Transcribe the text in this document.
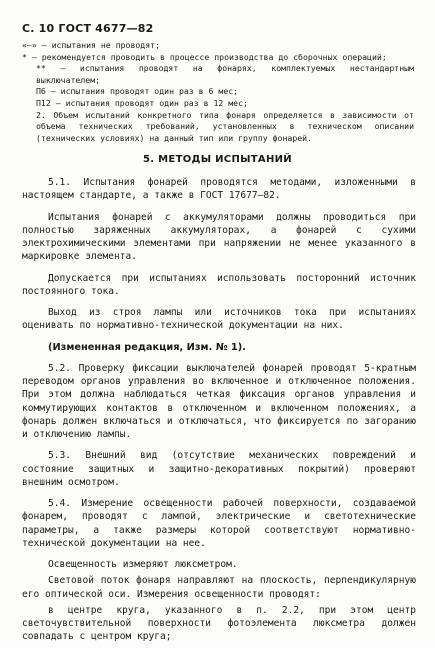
С. 10 ГОСТ 4677—82

«—» — испытания не проводят;

* — рекомендуется проводить в процессе производства до сборочных операций;

** — испытания проводят на фонарях, комплектуемых нестандартным выключателем;

П6 — испытания проводят один раз в 6 мес;

П12 — испытания проводят один раз в 12 мес;

2. Объем испытаний конкретного типа фонаря определяется в зависимости от объема технических требований, установленных в техническом описании (технических условиях) на данный тип или группу фонарей.

5. МЕТОДЫ ИСПЫТАНИЙ

5.1. Испытания фонарей проводятся методами, изложенными в настоящем стандарте, а также в ГОСТ 17677—82.

Испытания фонарей с аккумуляторами должны проводиться при полностью заряженных аккумуляторах, а фонарей с сухими электрохимическими элементами при напряжении не менее указанного в маркировке элемента.

Допускается при испытаниях использовать посторонний источник постоянного тока.

Выход из строя лампы или источников тока при испытаниях оценивать по нормативно-технической документации на них.

(Измененная редакция, Изм. № 1).

5.2. Проверку фиксации выключателей фонарей проводят 5-кратным переводом органов управления во включенное и отключенное положения. При этом должна наблюдаться четкая фиксация органов управления и коммутирующих контактов в отключенном и включенном положениях, а фонарь должен включаться и отключаться, что фиксируется по загоранию и отключению лампы.

5.3. Внешний вид (отсутствие механических повреждений и состояние защитных и защитно-декоративных покрытий) проверяют внешним осмотром.

5.4. Измерение освещенности рабочей поверхности, создаваемой фонарем, проводят с лампой, электрические и светотехнические параметры, а также размеры которой соответствуют нормативно-технической документации на нее.

Освещенность измеряют люксметром.

Световой поток фонаря направляют на плоскость, перпендикулярную его оптической оси. Измерения освещенности проводят:

в центре круга, указанного в п. 2.2, при этом центр светочувствительной поверхности фотоэлемента люксметра должен совпадать с центром круга;
